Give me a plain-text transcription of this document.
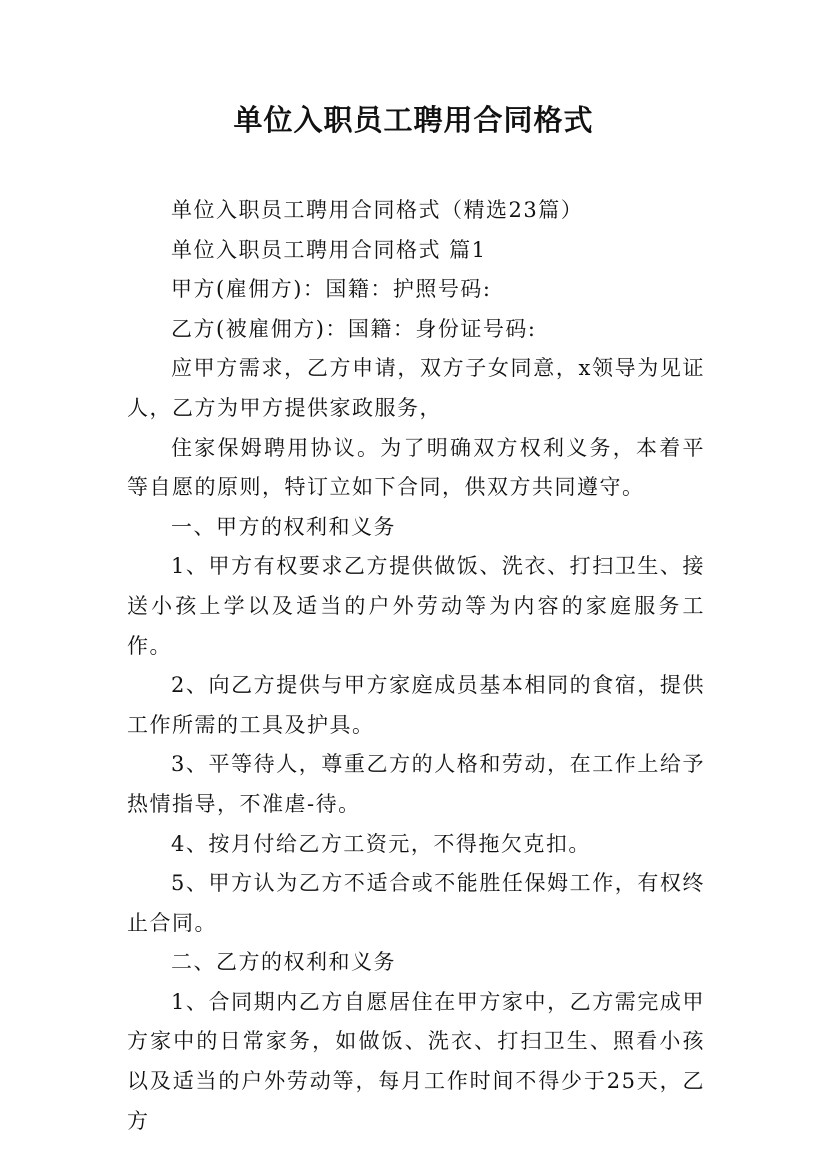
单位入职员工聘用合同格式

单位入职员工聘用合同格式（精选23篇）

单位入职员工聘用合同格式 篇1

甲方(雇佣方)：国籍：护照号码:

乙方(被雇佣方)：国籍：身份证号码:

应甲方需求，乙方申请，双方子女同意，x领导为见证人，乙方为甲方提供家政服务，

住家保姆聘用协议。为了明确双方权利义务，本着平等自愿的原则，特订立如下合同，供双方共同遵守。

一、甲方的权利和义务

1、甲方有权要求乙方提供做饭、洗衣、打扫卫生、接送小孩上学以及适当的户外劳动等为内容的家庭服务工作。

2、向乙方提供与甲方家庭成员基本相同的食宿，提供工作所需的工具及护具。

3、平等待人，尊重乙方的人格和劳动，在工作上给予热情指导，不准虐-待。

4、按月付给乙方工资元，不得拖欠克扣。

5、甲方认为乙方不适合或不能胜任保姆工作，有权终止合同。

二、乙方的权利和义务

1、合同期内乙方自愿居住在甲方家中，乙方需完成甲方家中的日常家务，如做饭、洗衣、打扫卫生、照看小孩以及适当的户外劳动等，每月工作时间不得少于25天，乙方
